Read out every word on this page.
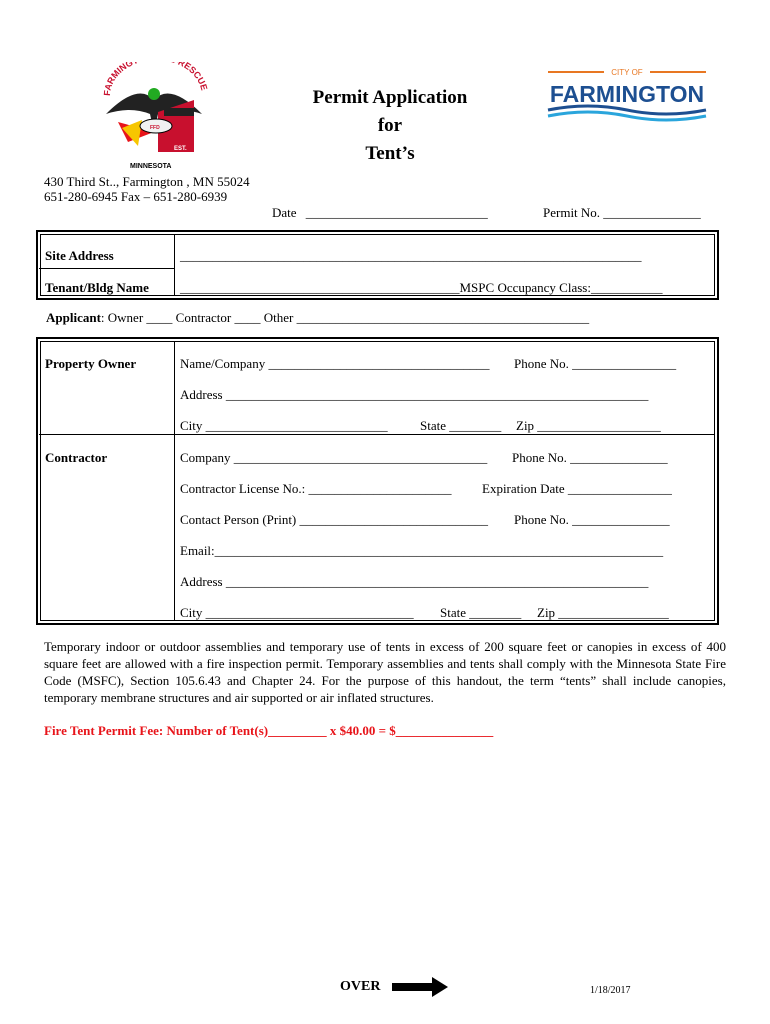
FARMING RESCUE
FFD
EST.
1873
MINNESOTA
Permit Application
for
Tent’s
CITY OF
FARMINGTON
430 Third St.., Farmington , MN 55024
651-280-6945 Fax – 651-280-6939
Date ____________________________	Permit No. _______________
Site Address	_______________________________________________________________________
Tenant/Bldg Name ___________________________________________MSPC Occupancy Class:___________
Applicant: Owner ____ Contractor ____ Other _____________________________________________
Property Owner	Name/Company __________________________________ Phone No. ________________
Address _________________________________________________________________
City ____________________________ State ________ Zip ___________________
Contractor	Company _______________________________________ Phone No. _______________
Contractor License No.: ______________________ Expiration Date ________________
Contact Person (Print) _____________________________ Phone No. _______________
Email:_____________________________________________________________________
Address _________________________________________________________________
City ________________________________ State ________ Zip _________________
Temporary indoor or outdoor assemblies and temporary use of tents in excess of 200 square feet or canopies in excess of 400 square feet are allowed with a fire inspection permit. Temporary assemblies and tents shall comply with the Minnesota State Fire Code (MSFC), Section 105.6.43 and Chapter 24. For the purpose of this handout, the term “tents” shall include canopies, temporary membrane structures and air supported or air inflated structures.
Fire Tent Permit Fee: Number of Tent(s)_________ x $40.00 = $_______________
OVER	1/18/2017
